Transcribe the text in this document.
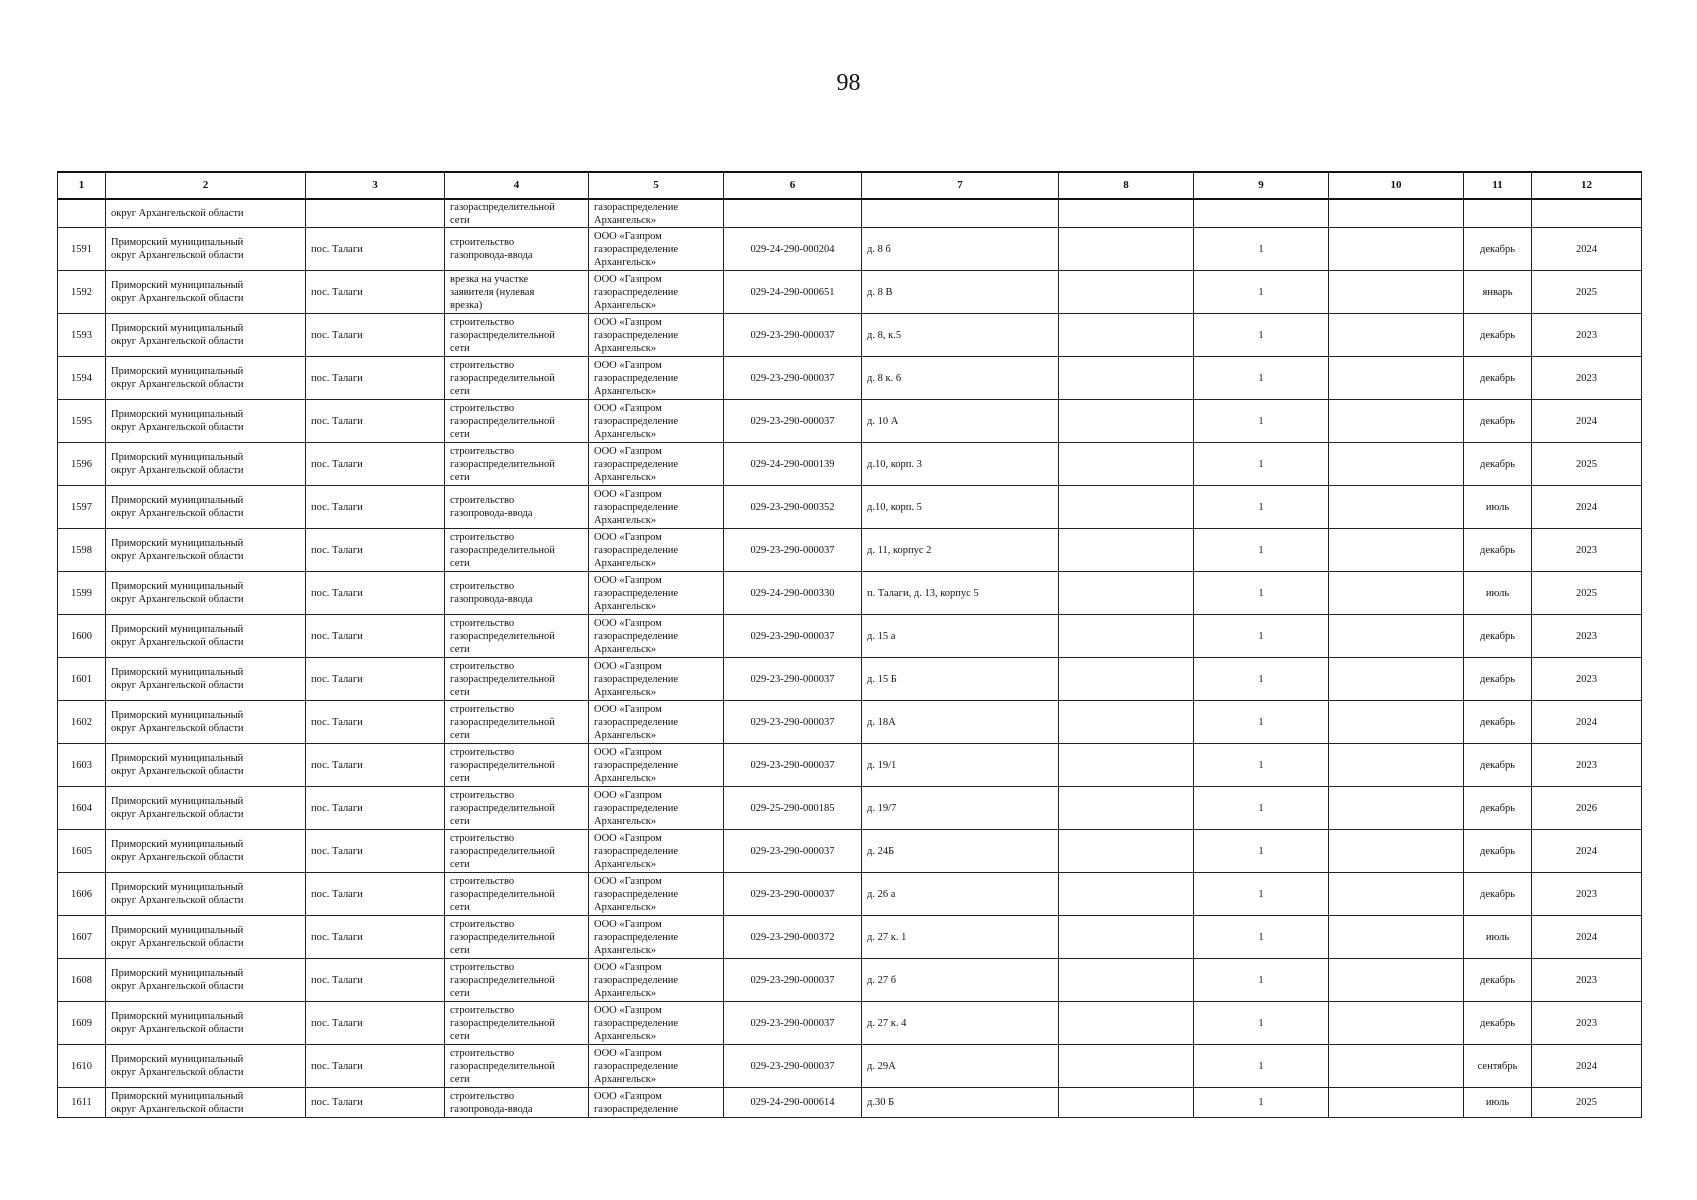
98
1	2	3	4	5	6	7	8	9	10	11	12

	округ Архангельской области		газораспределительной
сети	газораспределение
Архангельск»							

1591	Приморский муниципальный
округ Архангельской области	пос. Талаги	строительство
газопровода-ввода	ООО «Газпром
газораспределение
Архангельск»	029-24-290-000204	д. 8 б		1		декабрь	2024

1592	Приморский муниципальный
округ Архангельской области	пос. Талаги	врезка на участке
заявителя (нулевая
врезка)	ООО «Газпром
газораспределение
Архангельск»	029-24-290-000651	д. 8 В		1		январь	2025

1593	Приморский муниципальный
округ Архангельской области	пос. Талаги	строительство
газораспределительной
сети	ООО «Газпром
газораспределение
Архангельск»	029-23-290-000037	д. 8, к.5		1		декабрь	2023

1594	Приморский муниципальный
округ Архангельской области	пос. Талаги	строительство
газораспределительной
сети	ООО «Газпром
газораспределение
Архангельск»	029-23-290-000037	д. 8 к. 6		1		декабрь	2023

1595	Приморский муниципальный
округ Архангельской области	пос. Талаги	строительство
газораспределительной
сети	ООО «Газпром
газораспределение
Архангельск»	029-23-290-000037	д. 10 А		1		декабрь	2024

1596	Приморский муниципальный
округ Архангельской области	пос. Талаги	строительство
газораспределительной
сети	ООО «Газпром
газораспределение
Архангельск»	029-24-290-000139	д.10, корп. 3		1		декабрь	2025

1597	Приморский муниципальный
округ Архангельской области	пос. Талаги	строительство
газопровода-ввода	ООО «Газпром
газораспределение
Архангельск»	029-23-290-000352	д.10, корп. 5		1		июль	2024

1598	Приморский муниципальный
округ Архангельской области	пос. Талаги	строительство
газораспределительной
сети	ООО «Газпром
газораспределение
Архангельск»	029-23-290-000037	д. 11, корпус 2		1		декабрь	2023

1599	Приморский муниципальный
округ Архангельской области	пос. Талаги	строительство
газопровода-ввода	ООО «Газпром
газораспределение
Архангельск»	029-24-290-000330	п. Талаги, д. 13, корпус 5		1		июль	2025

1600	Приморский муниципальный
округ Архангельской области	пос. Талаги	строительство
газораспределительной
сети	ООО «Газпром
газораспределение
Архангельск»	029-23-290-000037	д. 15 а		1		декабрь	2023

1601	Приморский муниципальный
округ Архангельской области	пос. Талаги	строительство
газораспределительной
сети	ООО «Газпром
газораспределение
Архангельск»	029-23-290-000037	д. 15 Б		1		декабрь	2023

1602	Приморский муниципальный
округ Архангельской области	пос. Талаги	строительство
газораспределительной
сети	ООО «Газпром
газораспределение
Архангельск»	029-23-290-000037	д. 18А		1		декабрь	2024

1603	Приморский муниципальный
округ Архангельской области	пос. Талаги	строительство
газораспределительной
сети	ООО «Газпром
газораспределение
Архангельск»	029-23-290-000037	д. 19/1		1		декабрь	2023

1604	Приморский муниципальный
округ Архангельской области	пос. Талаги	строительство
газораспределительной
сети	ООО «Газпром
газораспределение
Архангельск»	029-25-290-000185	д. 19/7		1		декабрь	2026

1605	Приморский муниципальный
округ Архангельской области	пос. Талаги	строительство
газораспределительной
сети	ООО «Газпром
газораспределение
Архангельск»	029-23-290-000037	д. 24Б		1		декабрь	2024

1606	Приморский муниципальный
округ Архангельской области	пос. Талаги	строительство
газораспределительной
сети	ООО «Газпром
газораспределение
Архангельск»	029-23-290-000037	д. 26 а		1		декабрь	2023

1607	Приморский муниципальный
округ Архангельской области	пос. Талаги	строительство
газораспределительной
сети	ООО «Газпром
газораспределение
Архангельск»	029-23-290-000372	д. 27 к. 1		1		июль	2024

1608	Приморский муниципальный
округ Архангельской области	пос. Талаги	строительство
газораспределительной
сети	ООО «Газпром
газораспределение
Архангельск»	029-23-290-000037	д. 27 б		1		декабрь	2023

1609	Приморский муниципальный
округ Архангельской области	пос. Талаги	строительство
газораспределительной
сети	ООО «Газпром
газораспределение
Архангельск»	029-23-290-000037	д. 27 к. 4		1		декабрь	2023

1610	Приморский муниципальный
округ Архангельской области	пос. Талаги	строительство
газораспределительной
сети	ООО «Газпром
газораспределение
Архангельск»	029-23-290-000037	д. 29А		1		сентябрь	2024

1611	Приморский муниципальный
округ Архангельской области	пос. Талаги	строительство
газопровода-ввода	ООО «Газпром
газораспределение	029-24-290-000614	д.30 Б		1		июль	2025
